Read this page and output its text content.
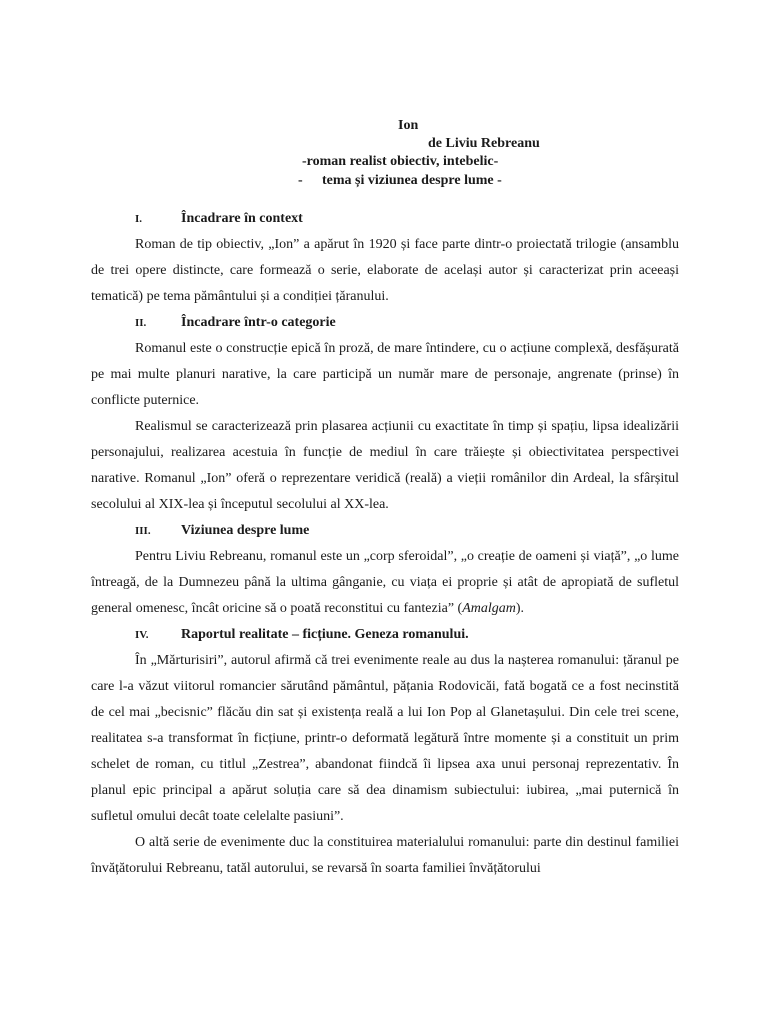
Ion
de Liviu Rebreanu
-roman realist obiectiv, intebelic-
- tema și viziunea despre lume -
I.	Încadrare în context

Roman de tip obiectiv, „Ion” a apărut în 1920 și face parte dintr-o proiectată trilogie (ansamblu de trei opere distincte, care formează o serie, elaborate de același autor și caracterizat prin aceeași tematică) pe tema pământului și a condiției țăranului.

II.	Încadrare într-o categorie

Romanul este o construcție epică în proză, de mare întindere, cu o acțiune complexă, desfășurată pe mai multe planuri narative, la care participă un număr mare de personaje, angrenate (prinse) în conflicte puternice.

Realismul se caracterizează prin plasarea acțiunii cu exactitate în timp și spațiu, lipsa idealizării personajului, realizarea acestuia în funcție de mediul în care trăiește și obiectivitatea perspectivei narative. Romanul „Ion” oferă o reprezentare veridică (reală) a vieții românilor din Ardeal, la sfârșitul secolului al XIX-lea și începutul secolului al XX-lea.

III.	Viziunea despre lume

Pentru Liviu Rebreanu, romanul este un „corp sferoidal”, „o creație de oameni și viață”, „o lume întreagă, de la Dumnezeu până la ultima gânganie, cu viața ei proprie și atât de apropiată de sufletul general omenesc, încât oricine să o poată reconstitui cu fantezia” (Amalgam).

IV.	Raportul realitate – ficțiune. Geneza romanului.

În „Mărturisiri”, autorul afirmă că trei evenimente reale au dus la nașterea romanului: țăranul pe care l-a văzut viitorul romancier sărutând pământul, pățania Rodovicăi, fată bogată ce a fost necinstită de cel mai „becisnic” flăcău din sat și existența reală a lui Ion Pop al Glanetașului. Din cele trei scene, realitatea s-a transformat în ficțiune, printr-o deformată legătură între momente și a constituit un prim schelet de roman, cu titlul „Zestrea”, abandonat fiindcă îi lipsea axa unui personaj reprezentativ. În planul epic principal a apărut soluția care să dea dinamism subiectului: iubirea, „mai puternică în sufletul omului decât toate celelalte pasiuni”.

O altă serie de evenimente duc la constituirea materialului romanului: parte din destinul familiei învățătorului Rebreanu, tatăl autorului, se revarsă în soarta familiei învățătorului
